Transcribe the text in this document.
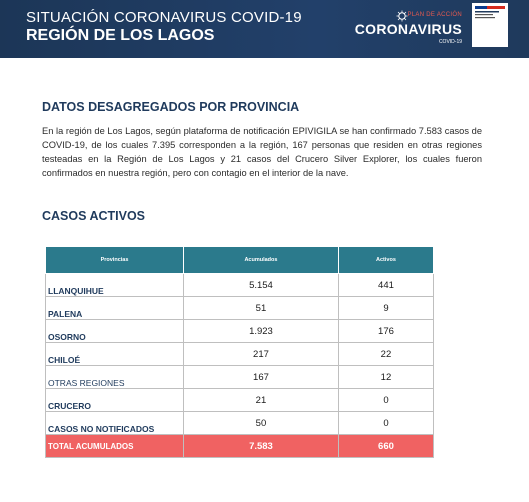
SITUACIÓN CORONAVIRUS COVID-19
REGIÓN DE LOS LAGOS
PLAN DE ACCIÓN
CORONAVIRUS
COVID-19
DATOS DESAGREGADOS POR PROVINCIA
En la región de Los Lagos, según plataforma de notificación EPIVIGILA se han confirmado 7.583 casos de COVID-19, de los cuales 7.395 corresponden a la región, 167 personas que residen en otras regiones testeadas en la Región de Los Lagos y 21 casos del Crucero Silver Explorer, los cuales fueron confirmados en nuestra región, pero con contagio en el interior de la nave.
CASOS ACTIVOS
Provincias	Acumulados	Activos
LLANQUIHUE	5.154	441
PALENA	51	9
OSORNO	1.923	176
CHILOÉ	217	22
OTRAS REGIONES	167	12
CRUCERO	21	0
CASOS NO NOTIFICADOS	50	0
TOTAL ACUMULADOS	7.583	660
